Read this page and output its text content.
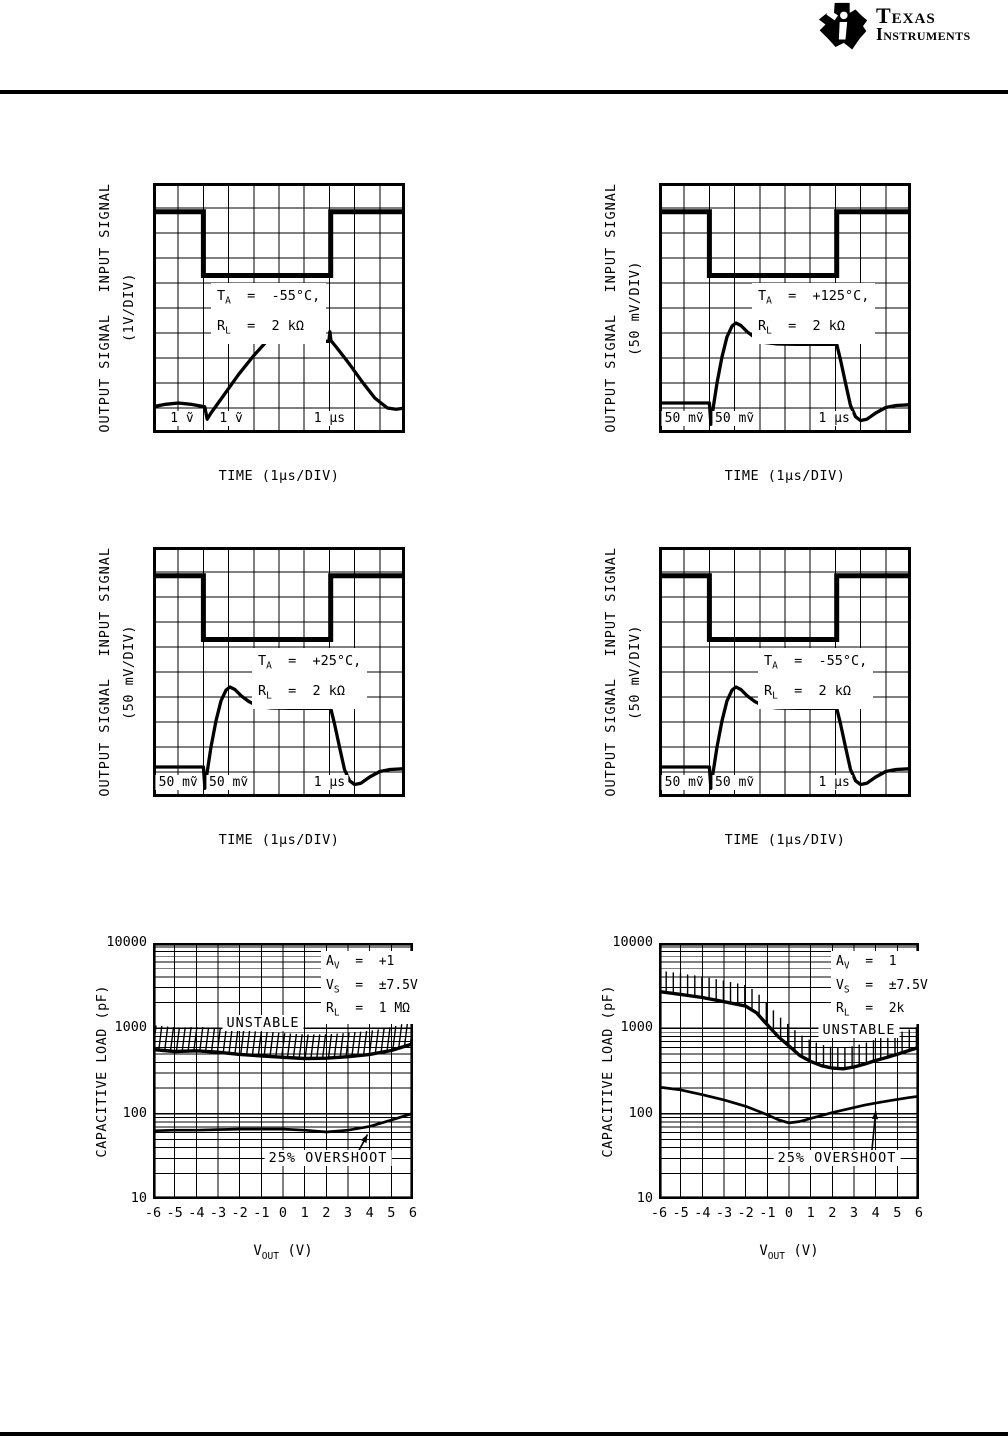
Texas
Instruments
INPUT SIGNAL
OUTPUT SIGNAL
(1V/DIV)	$T_A = -55^\circ C$,
$R_L = 2$ kΩ
TIME (1μs/DIV)
1 ṽ 1 ṽ	1 μs
INPUT SIGNAL
OUTPUT SIGNAL
(50 mV/DIV)	$T_A = +125^\circ C$,
$R_L = 2$ kΩ
TIME (1μs/DIV)
50 mṽ 50 mṽ	1 μs
INPUT SIGNAL
OUTPUT SIGNAL
(50 mV/DIV)	$T_A = +25^\circ C$,
$R_L = 2$ kΩ
TIME (1μs/DIV)
50 mṽ 50 mṽ	1 μs
INPUT SIGNAL
OUTPUT SIGNAL
(50 mV/DIV)	$T_A = -55^\circ C$,
$R_L = 2$ kΩ
TIME (1μs/DIV)
50 mṽ 50 mṽ	1 μs
CAPACITIVE LOAD (pF)
$A_V = +1$
$V_S = \pm 7.5V$
$R_L = 1$ MΩ
UNSTABLE
25% OVERSHOOT
$V_{OUT}$ (V)
-6 -5 -4 -3 -2 -1 0 1 2 3 4 5 6
10
100
1000
10000
CAPACITIVE LOAD (pF)
$A_V = 1$
$V_S = \pm 7.5V$
$R_L = 2k$
UNSTABLE
25% OVERSHOOT
$V_{OUT}$ (V)
-6 -5 -4 -3 -2 -1 0 1 2 3 4 5 6
10
100
1000
10000
